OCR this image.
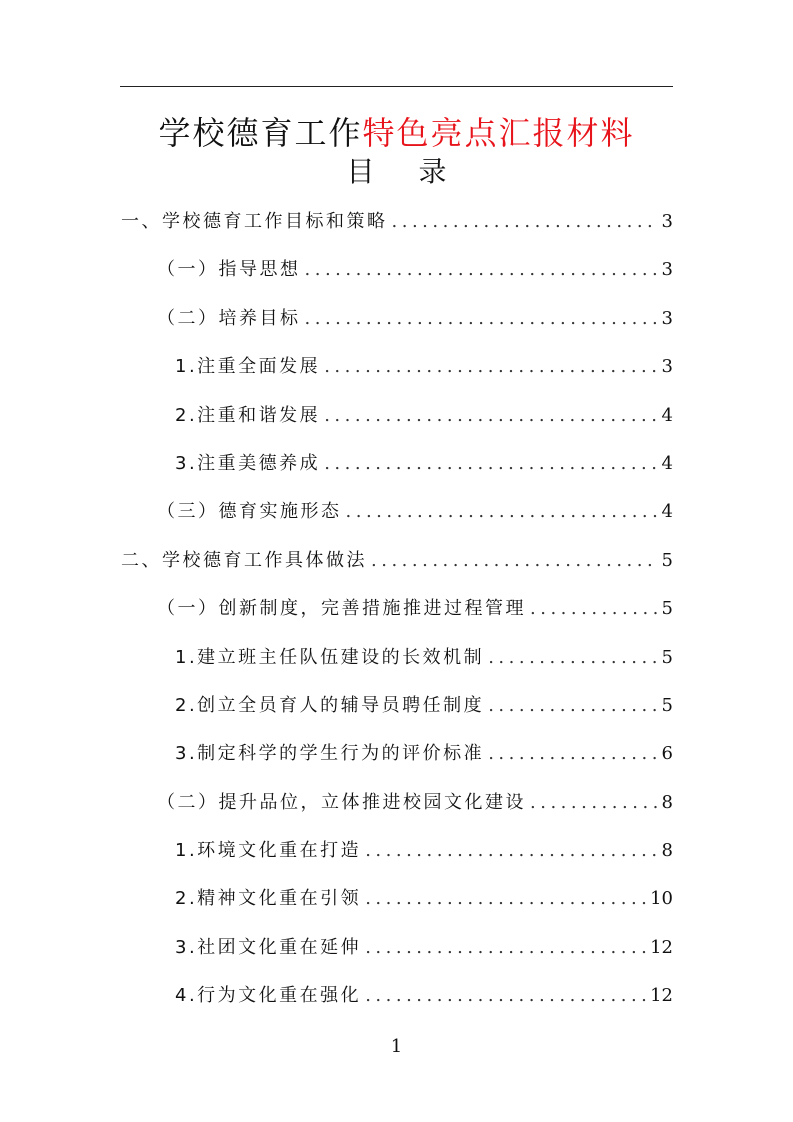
学校德育工作特色亮点汇报材料
目 录
一、学校德育工作目标和策略 .....	3
（一）指导思想 .....	3
（二）培养目标 .....	3
1.注重全面发展 .....	3
2.注重和谐发展 .....	4
3.注重美德养成 .....	4
（三）德育实施形态 .....	4
二、学校德育工作具体做法 .....	5
（一）创新制度，完善措施推进过程管理 .....	5
1.建立班主任队伍建设的长效机制 .....	5
2.创立全员育人的辅导员聘任制度 .....	5
3.制定科学的学生行为的评价标准 .....	6
（二）提升品位，立体推进校园文化建设 .....	8
1.环境文化重在打造 .....	8
2.精神文化重在引领 .....	10
3.社团文化重在延伸 .....	12
4.行为文化重在强化 .....	12
1
